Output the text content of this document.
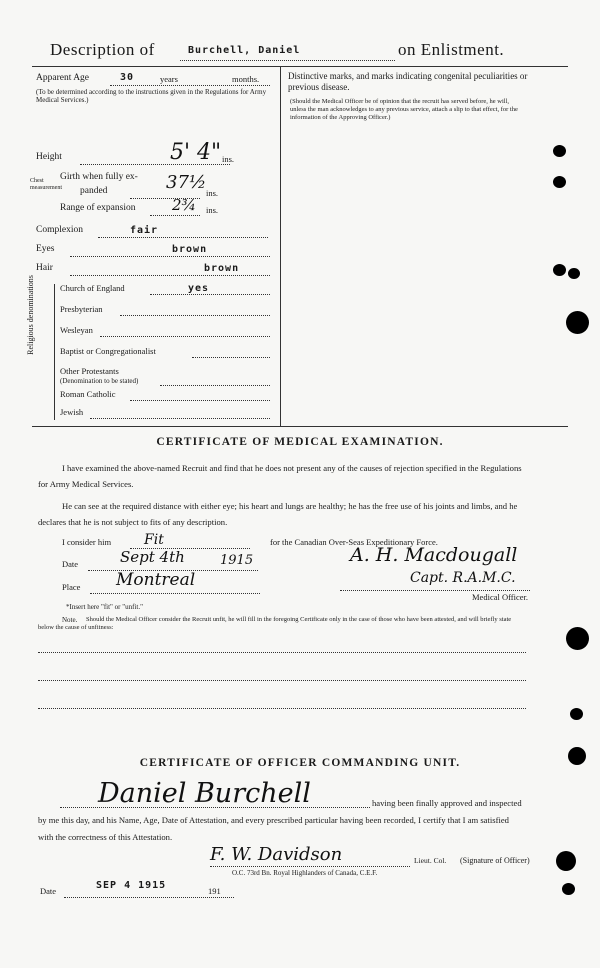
Description of	Burchell, Daniel	on Enlistment.
Apparent Age	30	years	months.
(To be determined according to the instructions given in the Regulations for Army Medical Services.)
Height	5' 4" ins.
Chest measurement
Girth when fully ex-
panded	37½ ins.
Range of expansion 2¾ ins.
Complexion	fair
Eyes	brown
Hair	brown
Religious denominations	Church of England	yes
Presbyterian
Wesleyan
Baptist or Congregationalist
Other Protestants
(Denomination to be stated)
Roman Catholic
Jewish
Distinctive marks, and marks indicating congenital peculiarities or previous disease.
(Should the Medical Officer be of opinion that the recruit has served before, he will, unless the man acknowledges to any previous service, attach a slip to that effect, for the information of the Approving Officer.)
CERTIFICATE OF MEDICAL EXAMINATION.
I have examined the above-named Recruit and find that he does not present any of the causes of rejection specified in the Regulations for Army Medical Services.
He can see at the required distance with either eye; his heart and lungs are healthy; he has the free use of his joints and limbs, and he declares that he is not subject to fits of any description.
I consider him Fit	for the Canadian Over-Seas Expeditionary Force.
Date	Sept 4th	1915
Place Montreal
A. H. Macdougall
Capt. R.A.M.C.
Medical Officer.
*Insert here "fit" or "unfit."
Note.	Should the Medical Officer consider the Recruit unfit, he will fill in the foregoing Certificate only in the case of those who have been attested, and will briefly state below the cause of unfitness:
CERTIFICATE OF OFFICER COMMANDING UNIT.
Daniel Burchell	having been finally approved and inspected by me this day, and his Name, Age, Date of Attestation, and every prescribed particular having been recorded, I certify that I am satisfied with the correctness of this Attestation.
F. W. Davidson	Lieut. Col. (Signature of Officer)
O.C. 73rd Bn. Royal Highlanders of Canada, C.E.F.
Date	SEP 4 1915	191
